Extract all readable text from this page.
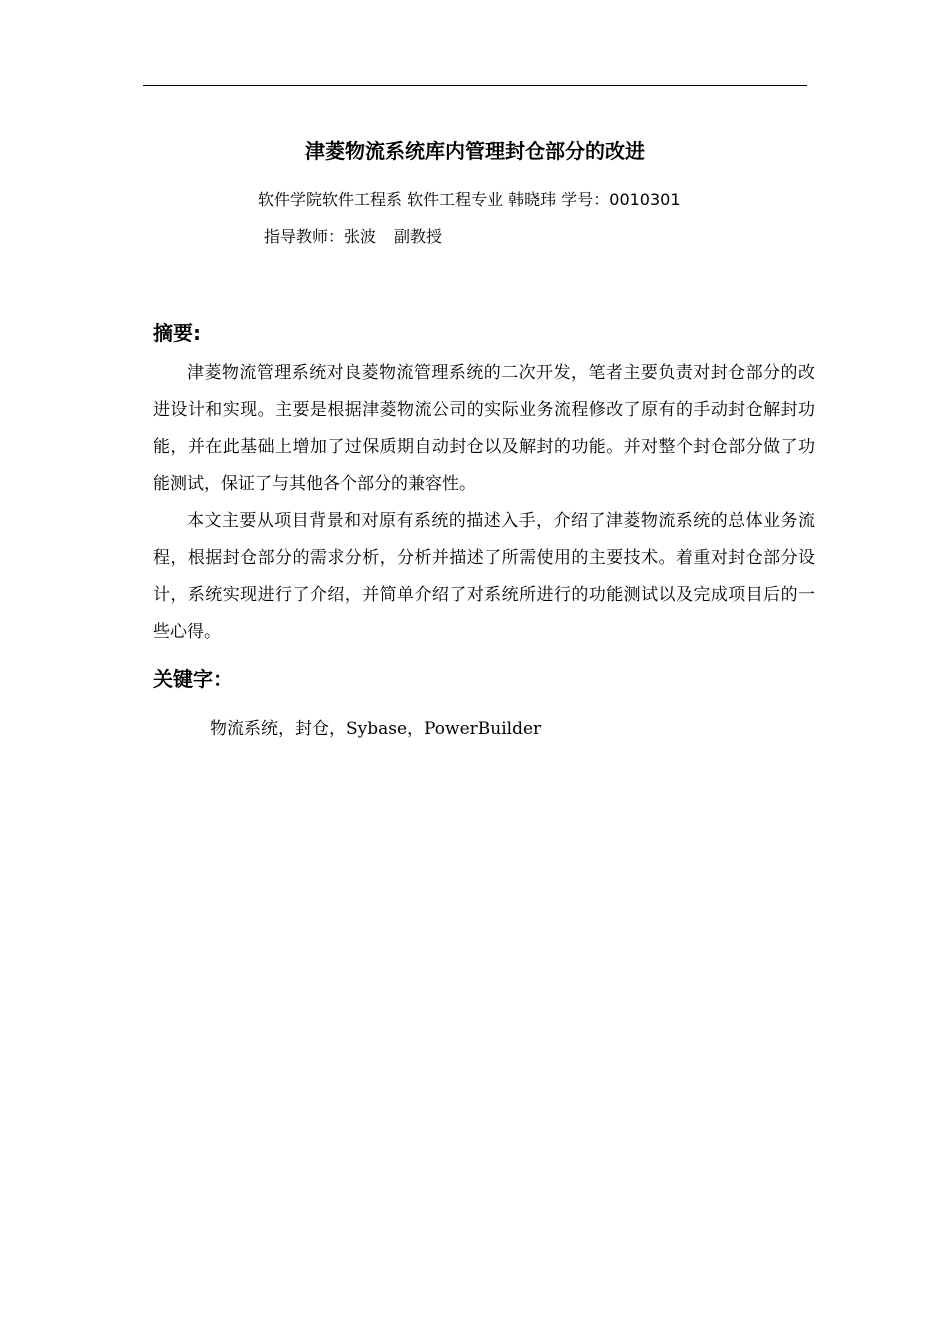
津菱物流系统库内管理封仓部分的改进
软件学院软件工程系 软件工程专业 韩晓玮 学号：0010301
指导教师：张波 副教授
摘要:

津菱物流管理系统对良菱物流管理系统的二次开发，笔者主要负责对封仓部分的改进设计和实现。主要是根据津菱物流公司的实际业务流程修改了原有的手动封仓解封功能，并在此基础上增加了过保质期自动封仓以及解封的功能。并对整个封仓部分做了功能测试，保证了与其他各个部分的兼容性。

本文主要从项目背景和对原有系统的描述入手，介绍了津菱物流系统的总体业务流程，根据封仓部分的需求分析，分析并描述了所需使用的主要技术。着重对封仓部分设计，系统实现进行了介绍，并简单介绍了对系统所进行的功能测试以及完成项目后的一些心得。

关键字：
物流系统，封仓，Sybase，PowerBuilder
